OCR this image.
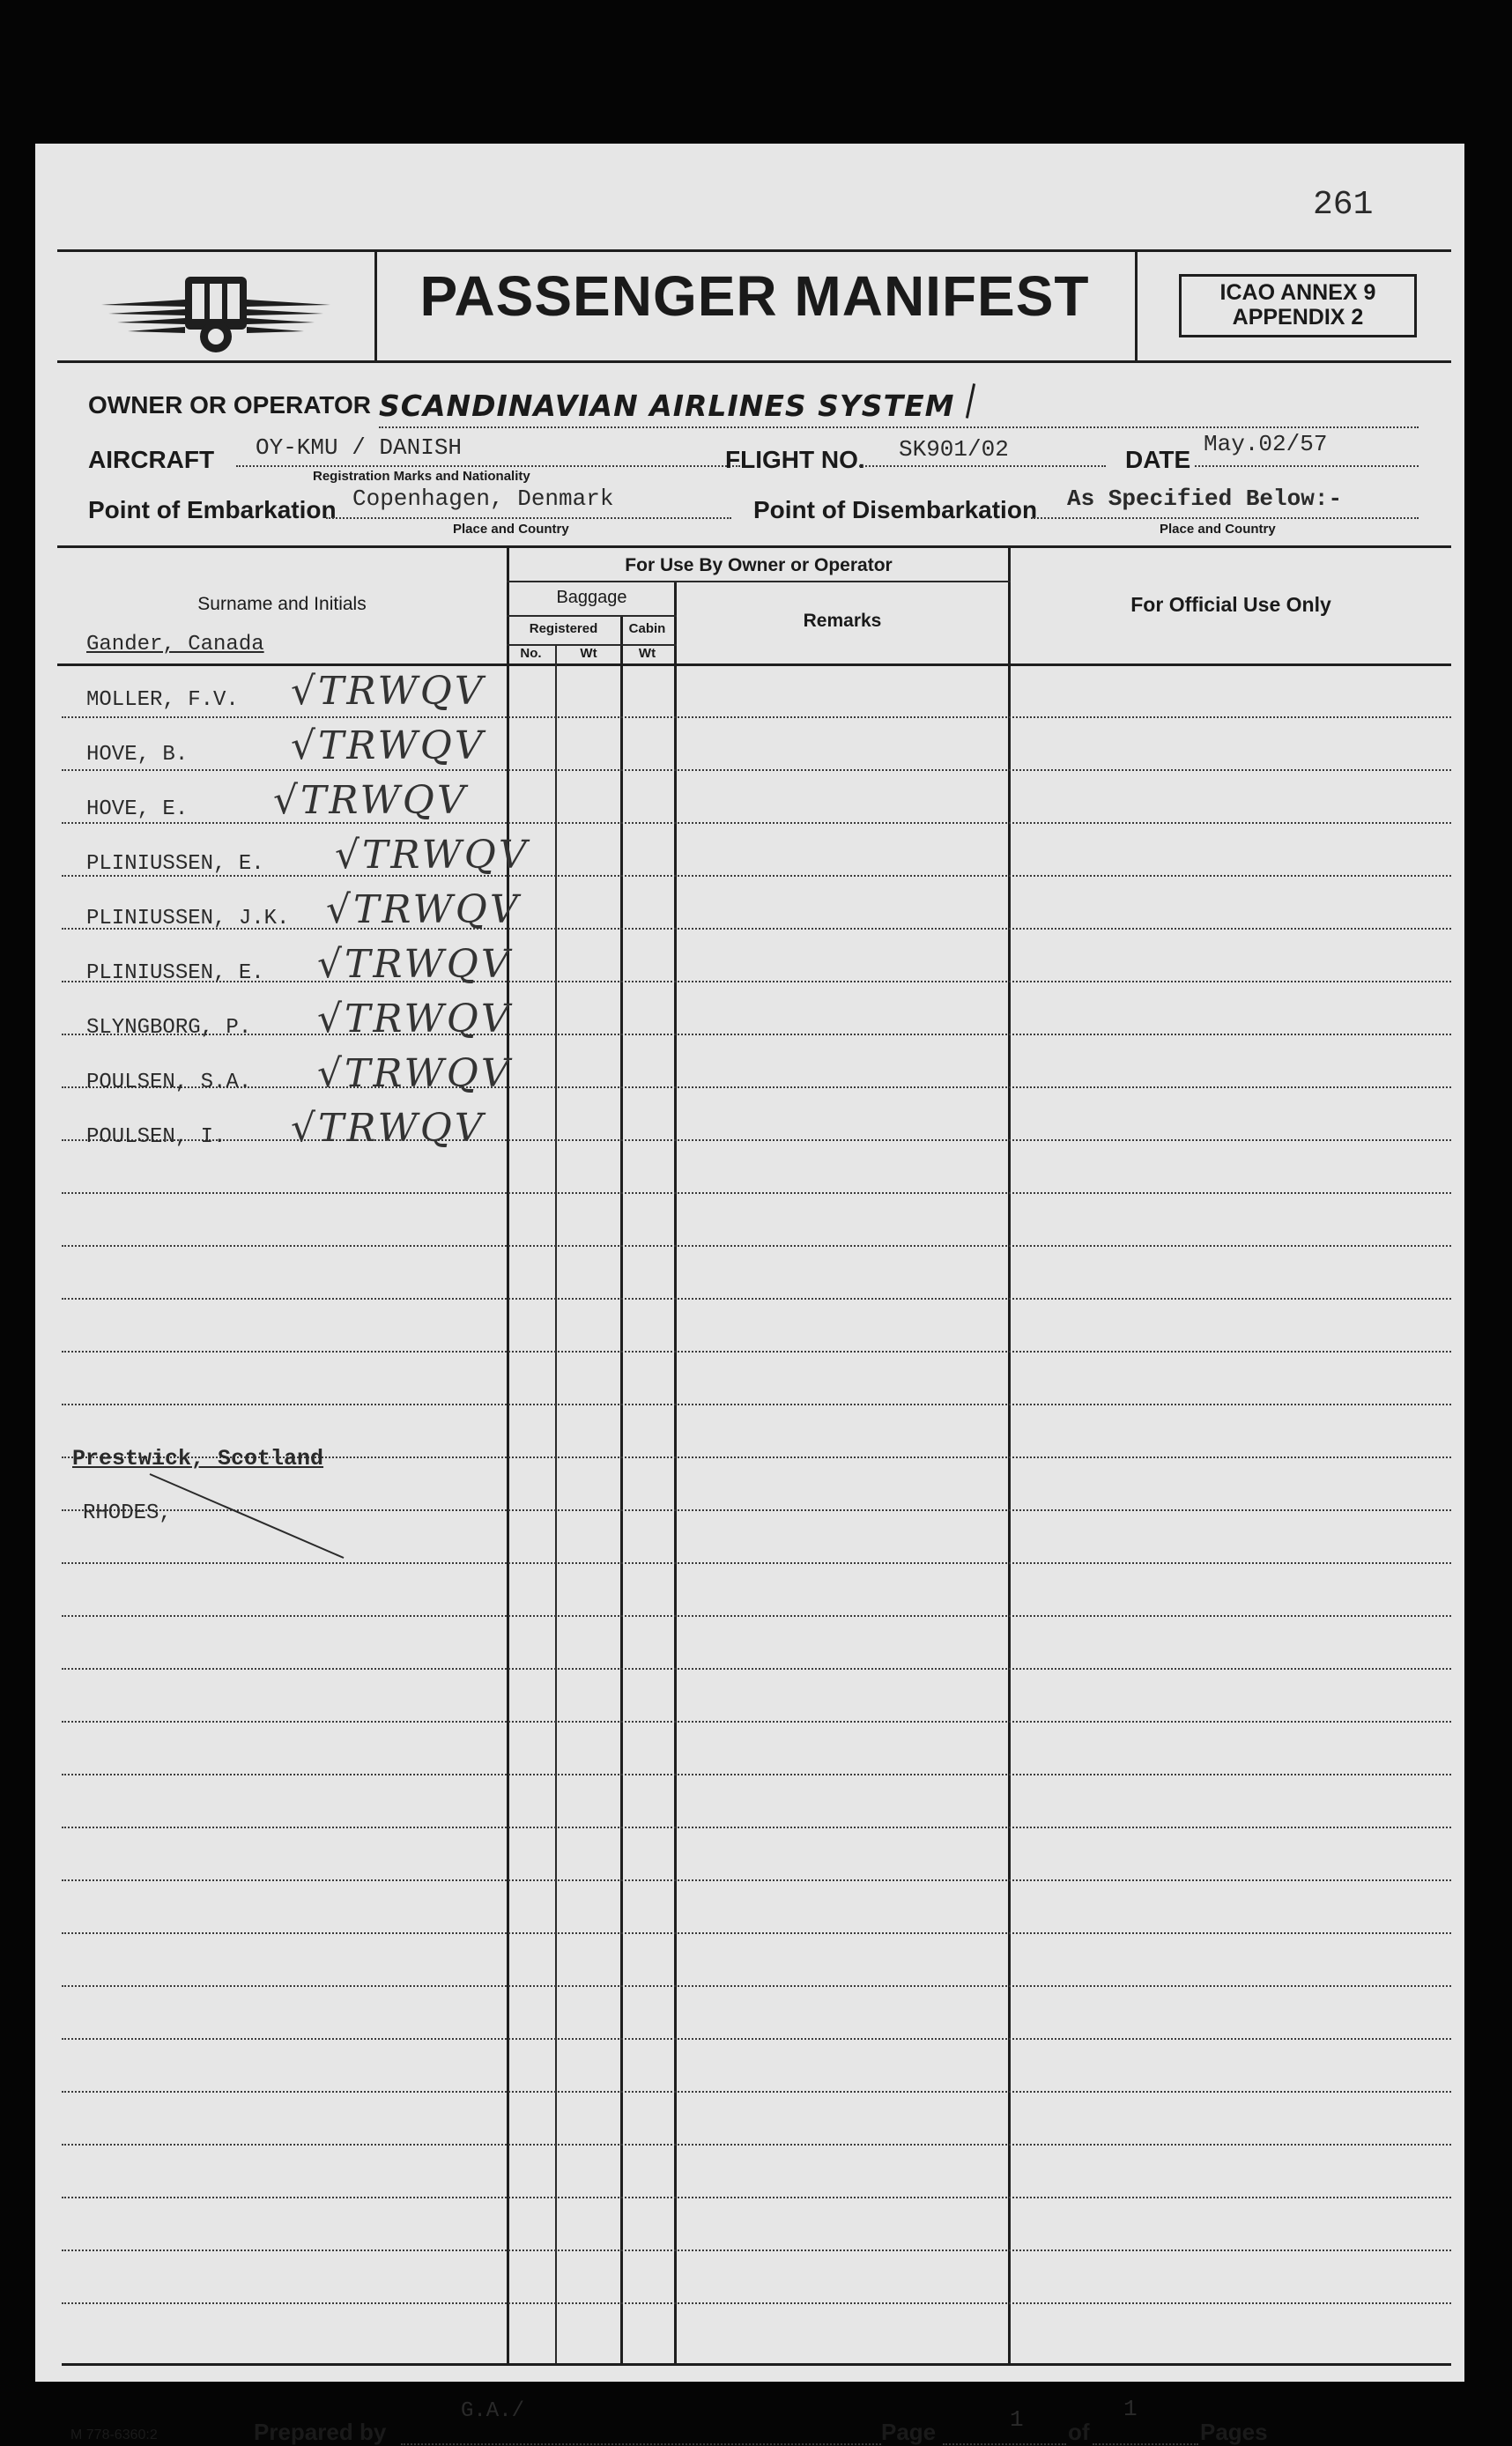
261
PASSENGER MANIFEST	ICAO ANNEX 9
APPENDIX 2
OWNER OR OPERATOR SCANDINAVIAN AIRLINES SYSTEM
AIRCRAFT OY-KMU / DANISH
Registration Marks and Nationality
FLIGHT NO. SK901/02	DATE
May.02/57
Point of Embarkation Copenhagen, Denmark
Place and Country
Point of Disembarkation As Specified Below:-
Place and Country
For Use By Owner or Operator
Baggage
Registered	Cabin
No.	Wt	Wt
Remarks
For Official Use Only
Surname and Initials
Gander, Canada
MOLLER, F.V. √TRWQV
HOVE, B.	√TRWQV
HOVE, E. √TRWQV
PLINIUSSEN, E. √TRWQV
PLINIUSSEN, J.K. √TRWQV
PLINIUSSEN, E. √TRWQV
SLYNGBORG, P. √TRWQV
POULSEN, S.A. √TRWQV
POULSEN, I. √TRWQV
Prestwick, Scotland
RHODES,
M 778-6360:2	Prepared by
G.A./
Page	1 of
1
Pages
